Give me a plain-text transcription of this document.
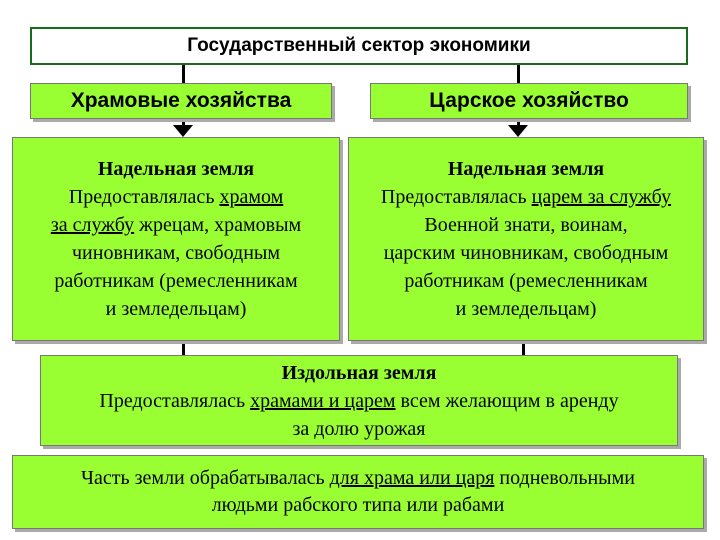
Государственный сектор экономики
Храмовые хозяйства	Царское хозяйство
Надельная земля
Предоставлялась храмом
за службу жрецам, храмовым
чиновникам, свободным
работникам (ремесленникам
и земледельцам)
Надельная земля
Предоставлялась царем за службу
Военной знати, воинам,
царским чиновникам, свободным
работникам (ремесленникам
и земледельцам)
Издольная земля
Предоставлялась храмами и царем всем желающим в аренду
за долю урожая
Часть земли обрабатывалась для храма или царя подневольными
людьми рабского типа или рабами
